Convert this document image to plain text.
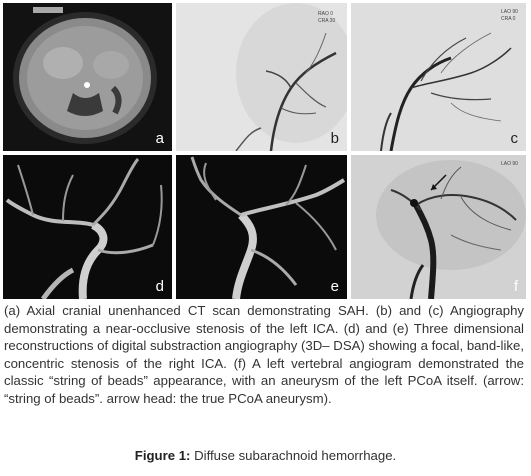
a
RAO 0
CRA 30
b
LAO 90
CRA 0
c
d	e
LAO 90
f

(a) Axial cranial unenhanced CT scan demonstrating SAH. (b) and (c) Angiography demonstrating a near-occlusive stenosis of the left ICA. (d) and (e) Three dimensional reconstructions of digital substraction angiography (3D– DSA) showing a focal, band-like, concentric stenosis of the right ICA. (f) A left vertebral angiogram demonstrated the classic “string of beads” appearance, with an aneurysm of the left PCoA itself. (arrow: “string of beads”. arrow head: the true PCoA aneurysm).

Figure 1: Diffuse subarachnoid hemorrhage.
